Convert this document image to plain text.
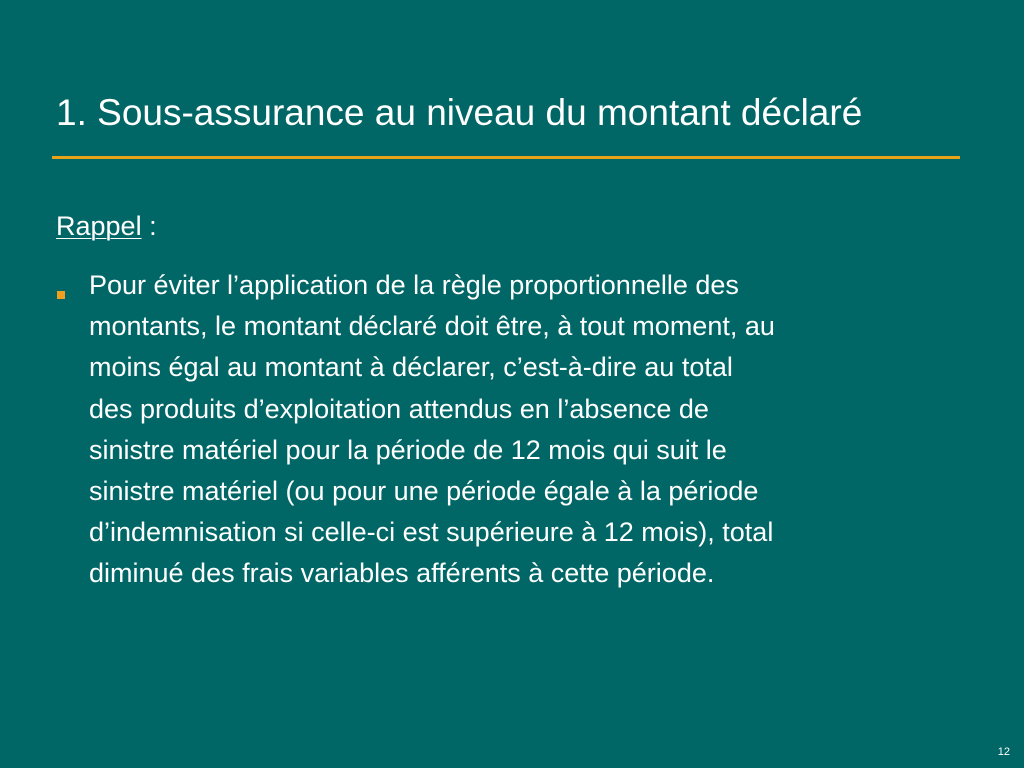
1. Sous-assurance au niveau du montant déclaré
Rappel :
Pour éviter l’application de la règle proportionnelle des
montants, le montant déclaré doit être, à tout moment, au
moins égal au montant à déclarer, c’est-à-dire au total
des produits d’exploitation attendus en l’absence de
sinistre matériel pour la période de 12 mois qui suit le
sinistre matériel (ou pour une période égale à la période
d’indemnisation si celle-ci est supérieure à 12 mois), total
diminué des frais variables afférents à cette période.
12
